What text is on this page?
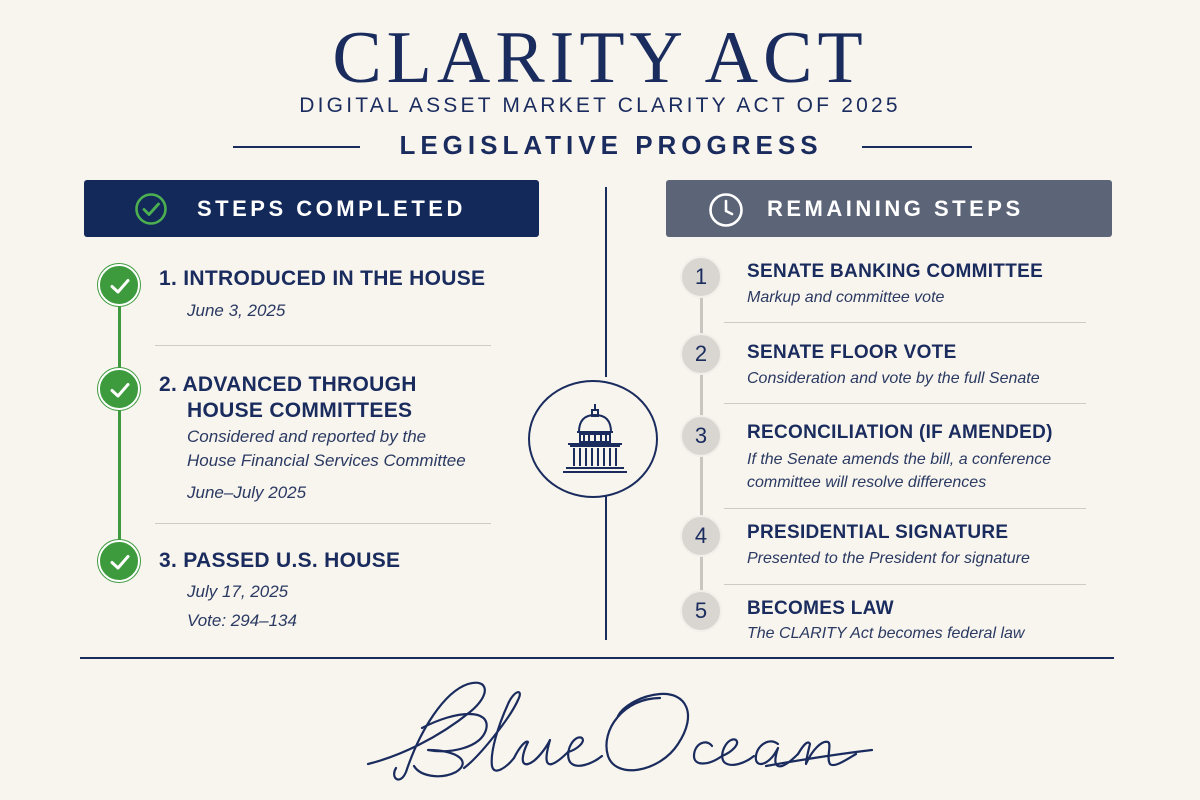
CLARITY ACT
DIGITAL ASSET MARKET CLARITY ACT OF 2025
LEGISLATIVE PROGRESS
STEPS COMPLETED	REMAINING STEPS
1. INTRODUCED IN THE HOUSE
June 3, 2025
2. ADVANCED THROUGH
HOUSE COMMITTEES
Considered and reported by the
House Financial Services Committee
June–July 2025
3. PASSED U.S. HOUSE
July 17, 2025
Vote: 294–134
1	SENATE BANKING COMMITTEE
Markup and committee vote
2	SENATE FLOOR VOTE
Consideration and vote by the full Senate
3	RECONCILIATION (IF AMENDED)
If the Senate amends the bill, a conference
committee will resolve differences
4	PRESIDENTIAL SIGNATURE
Presented to the President for signature
5	BECOMES LAW
The CLARITY Act becomes federal law
